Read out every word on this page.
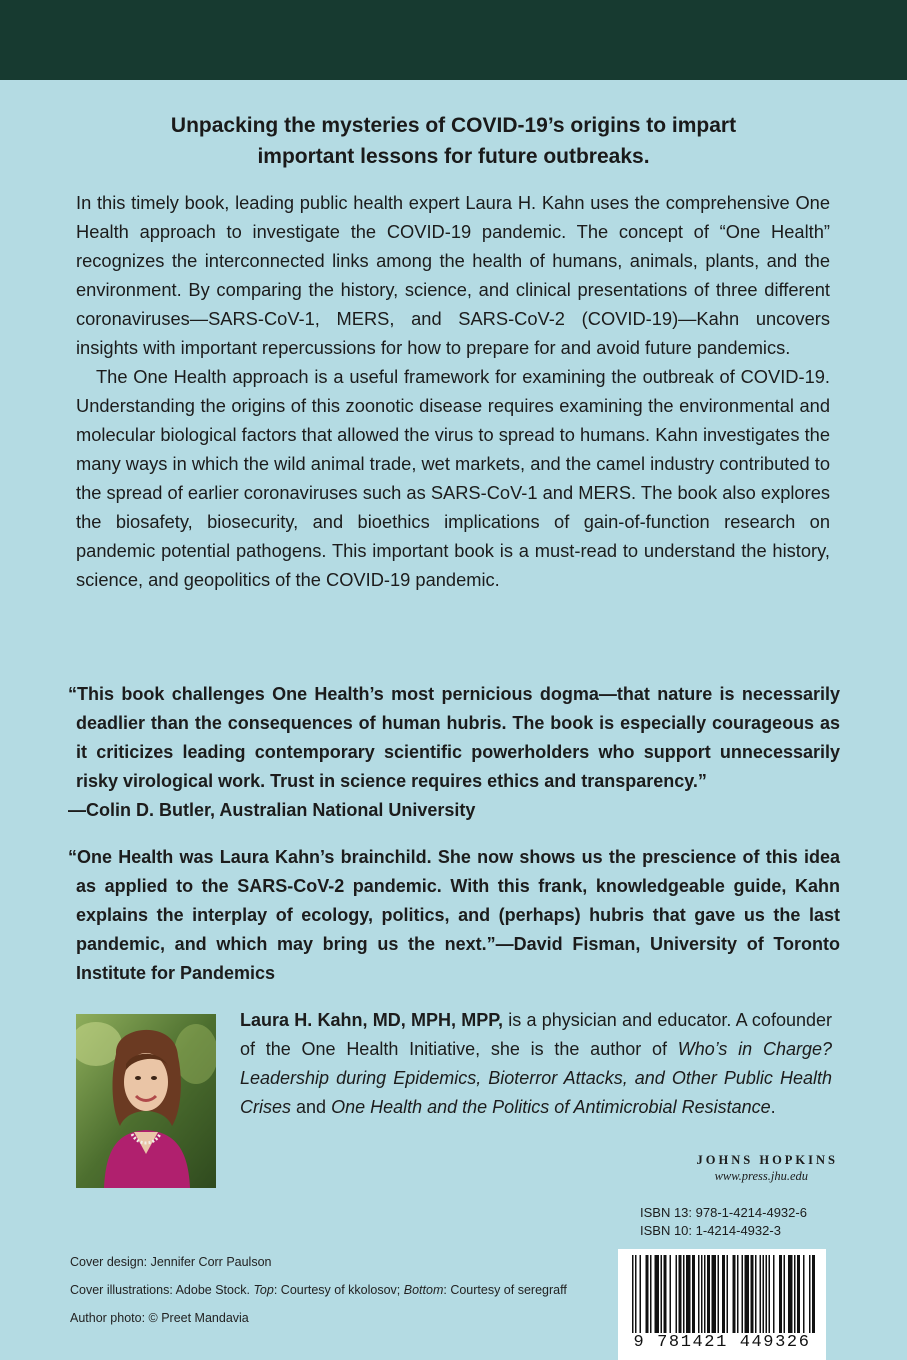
Unpacking the mysteries of COVID-19’s origins to impart
important lessons for future outbreaks.

In this timely book, leading public health expert Laura H. Kahn uses the comprehensive One Health approach to investigate the COVID-19 pandemic. The concept of “One Health” recognizes the interconnected links among the health of humans, animals, plants, and the environment. By comparing the history, science, and clinical presentations of three different coronaviruses—SARS-CoV-1, MERS, and SARS-CoV-2 (COVID-19)—Kahn uncovers insights with important repercussions for how to prepare for and avoid future pandemics.

The One Health approach is a useful framework for examining the outbreak of COVID-19. Understanding the origins of this zoonotic disease requires examining the environmental and molecular biological factors that allowed the virus to spread to humans. Kahn investigates the many ways in which the wild animal trade, wet markets, and the camel industry contributed to the spread of earlier coronaviruses such as SARS-CoV-1 and MERS. The book also explores the biosafety, biosecurity, and bioethics implications of gain-of-function research on pandemic potential pathogens. This important book is a must-read to understand the history, science, and geopolitics of the COVID-19 pandemic.

“This book challenges One Health’s most pernicious dogma—that nature is necessarily deadlier than the consequences of human hubris. The book is especially courageous as it criticizes leading contemporary scientific powerholders who support unnecessarily risky virological work. Trust in science requires ethics and transparency.”
—Colin D. Butler, Australian National University
“One Health was Laura Kahn’s brainchild. She now shows us the prescience of this idea as applied to the SARS-CoV-2 pandemic. With this frank, knowledgeable guide, Kahn explains the interplay of ecology, politics, and (perhaps) hubris that gave us the last pandemic, and which may bring us the next.”—David Fisman, University of Toronto Institute for Pandemics
Laura H. Kahn, MD, MPH, MPP, is a physician and educator. A cofounder of the One Health Initiative, she is the author of Who’s in Charge? Leadership during Epidemics, Bioterror Attacks, and Other Public Health Crises and One Health and the Politics of Antimicrobial Resistance.
JOHNS HOPKINS
www.press.jhu.edu
ISBN 13: 978-1-4214-4932-6
ISBN 10: 1-4214-4932-3
9 781421 449326
Cover design: Jennifer Corr Paulson
Cover illustrations: Adobe Stock. Top: Courtesy of kkolosov; Bottom: Courtesy of seregraff
Author photo: © Preet Mandavia
